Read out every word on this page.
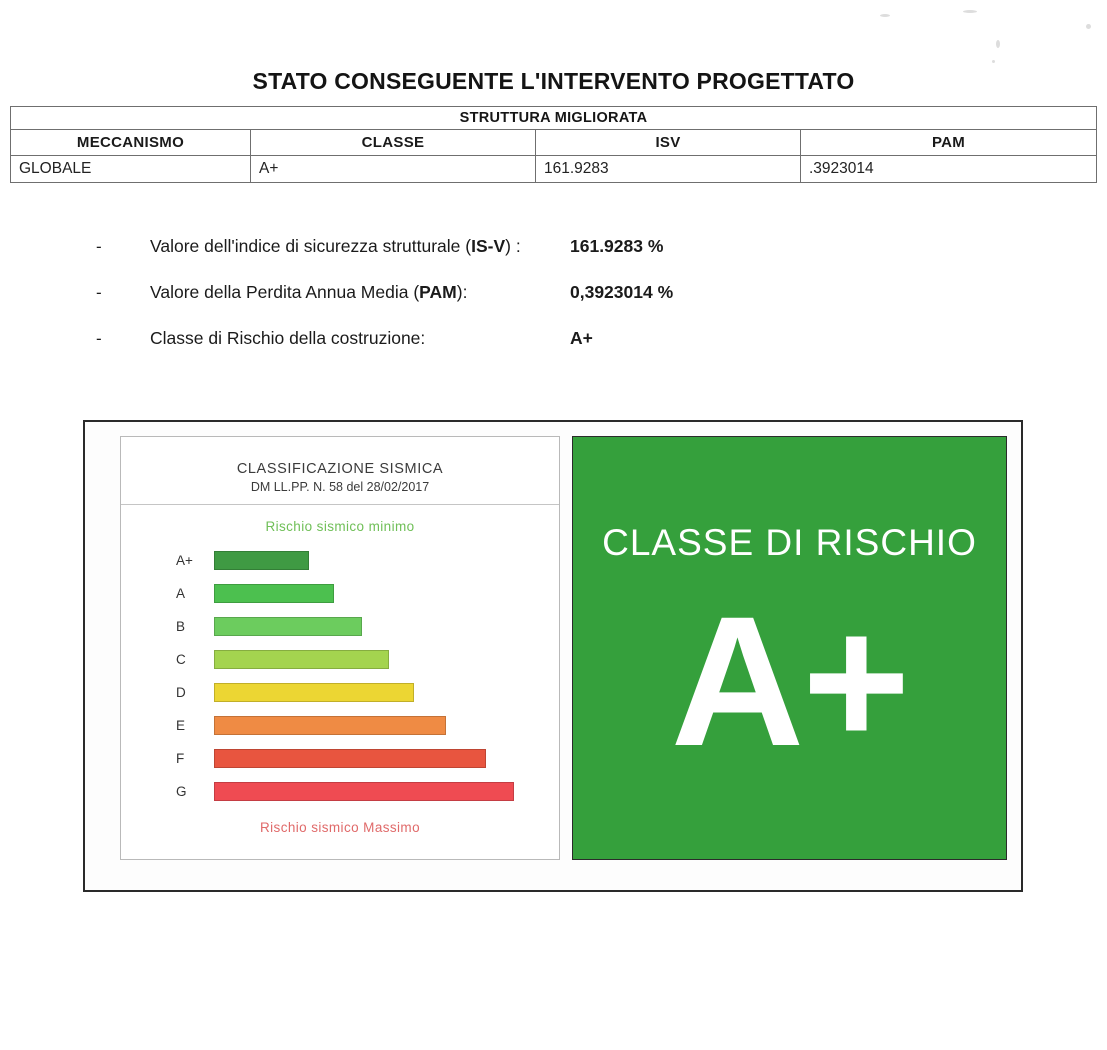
STATO CONSEGUENTE L'INTERVENTO PROGETTATO
STRUTTURA MIGLIORATA
MECCANISMO	CLASSE	ISV	PAM
GLOBALE	A+	161.9283	.3923014
-	Valore dell'indice di sicurezza strutturale (IS-V) :	161.9283 %
-	Valore della Perdita Annua Media (PAM):	0,3923014 %
-	Classe di Rischio della costruzione:	A+
CLASSIFICAZIONE SISMICA
DM LL.PP. N. 58 del 28/02/2017
Rischio sismico minimo
A+
A
B
C
D
E
F
G
Rischio sismico Massimo
CLASSE DI RISCHIO
A+
